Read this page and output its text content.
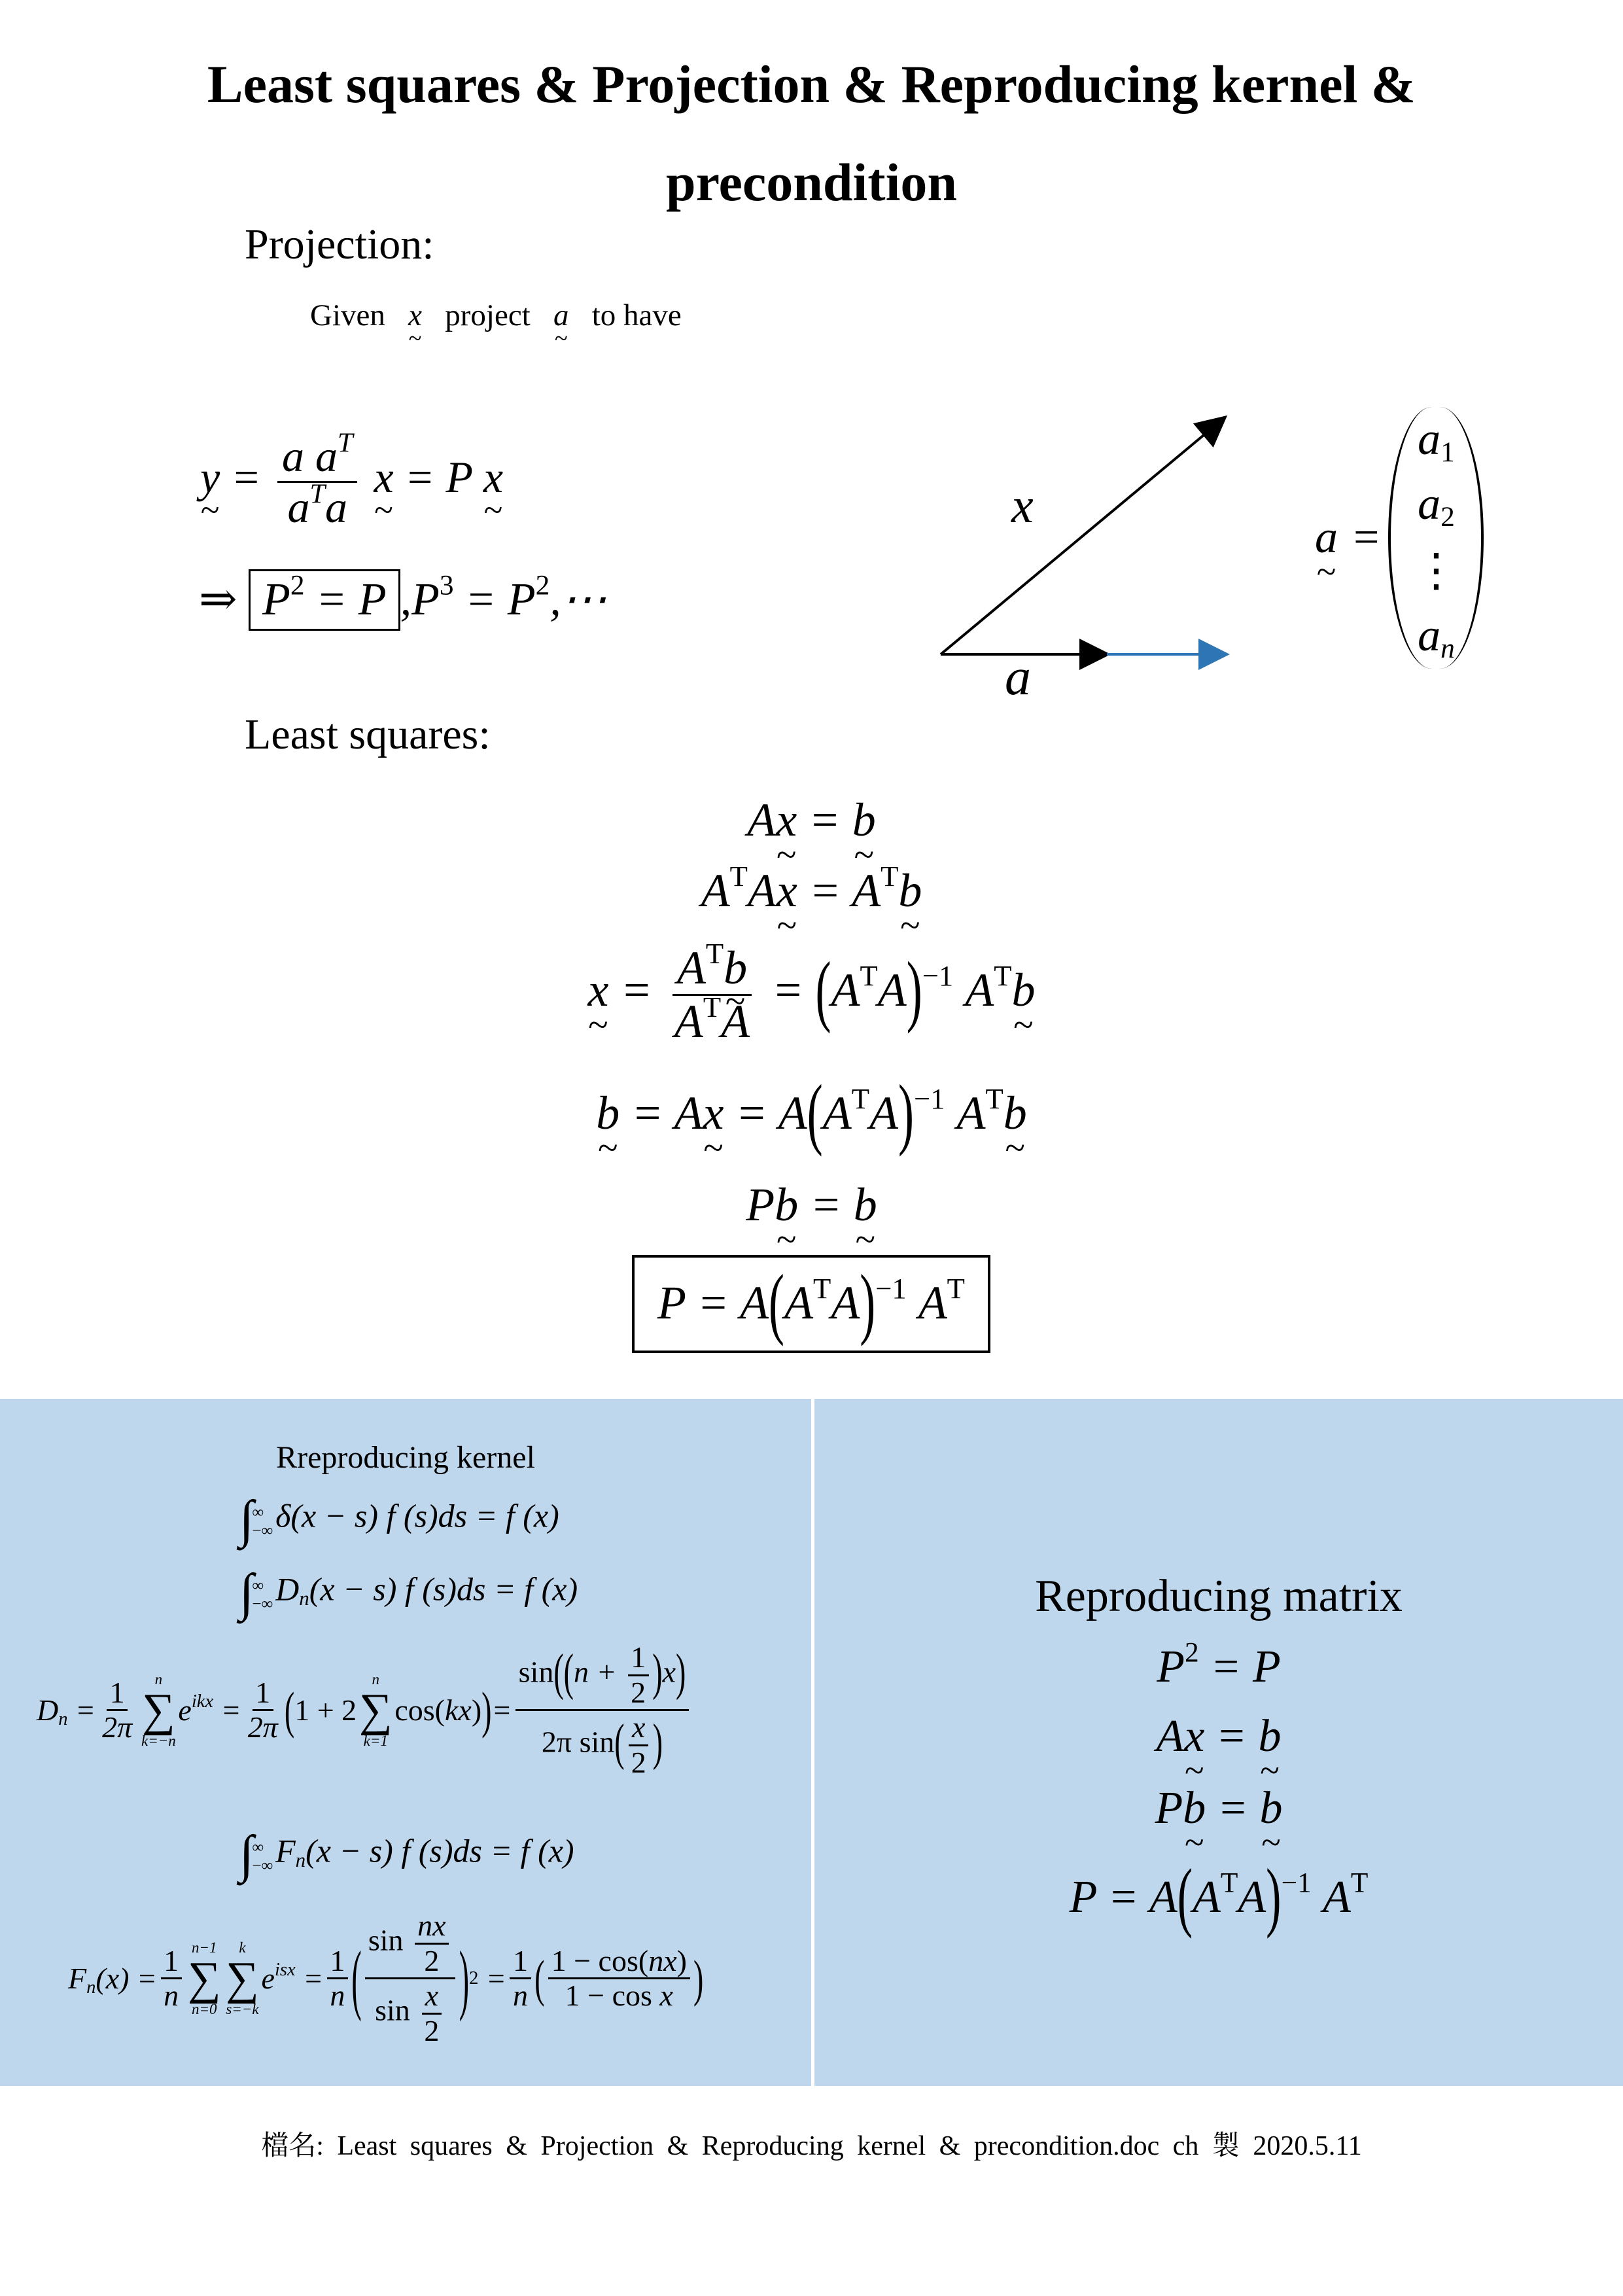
Least squares & Projection & Reproducing kernel &
precondition
Projection:
Given x ~ project a ~ to have
y ~ = $\frac{a a^T}{a^Ta}$ x ~ = P x ~
⇒ $P^2 = P$ $,P^3$ = $P^2,\cdots$
x
a
a ~ =
$a_1$
$a_2$
⋮
$a_n$
Least squares:
Ax ~ = b ~
$A^TAx$ ~ = $A^Tb$ ~
x ~ = $\frac{A^Tb \sim}{A^TA} = (A^TA)^{-1}$ $A^Tb$ ~
b ~ = Ax ~ = $A(A^TA)^{-1}$ $A^Tb$ ~
Pb ~ = b ~
$P = A(A^TA)^{-1}$ $A^T$
Rreproducing kernel
∫
∞
−∞ δ(x − s) f (s)ds = f (x)
∫
∞
−∞ $D_n(x - s)$ f (s)ds = f (x)
$D_n = \frac{1}{2\pi}$ n
∑
k=−n
$e^{ikx} = \frac{1}{2\pi}$ ( 1 + 2
n
∑
k=1
cos(kx) ) = $\frac{\sin((n + \frac{1}{2} )x)}{2\pi \sin( \frac{x}{2} )}$
∫
∞
−∞ $F_n(x - s)$ f (s)ds = f (x)
$F_n(x) = \frac{1}{n} n-1$
∑
n=0
k
∑
s=−k
$e^{isx} = \frac{1}{n}$ ( $\frac{\sin \frac{nx}{2}}{\sin \frac{x}{2}}$ ) $2 = \frac{1}{n}$ ( $\frac{1 - \cos(nx)}{\text{1 − cos x}}$ )
Reproducing matrix
$P^2 = P$
Ax ~ = b ~
Pb ~ = b ~
$P = A(A^TA)^{-1}$ $A^T$
檔名: Least squares & Projection & Reproducing kernel & precondition.doc ch 製 2020.5.11
